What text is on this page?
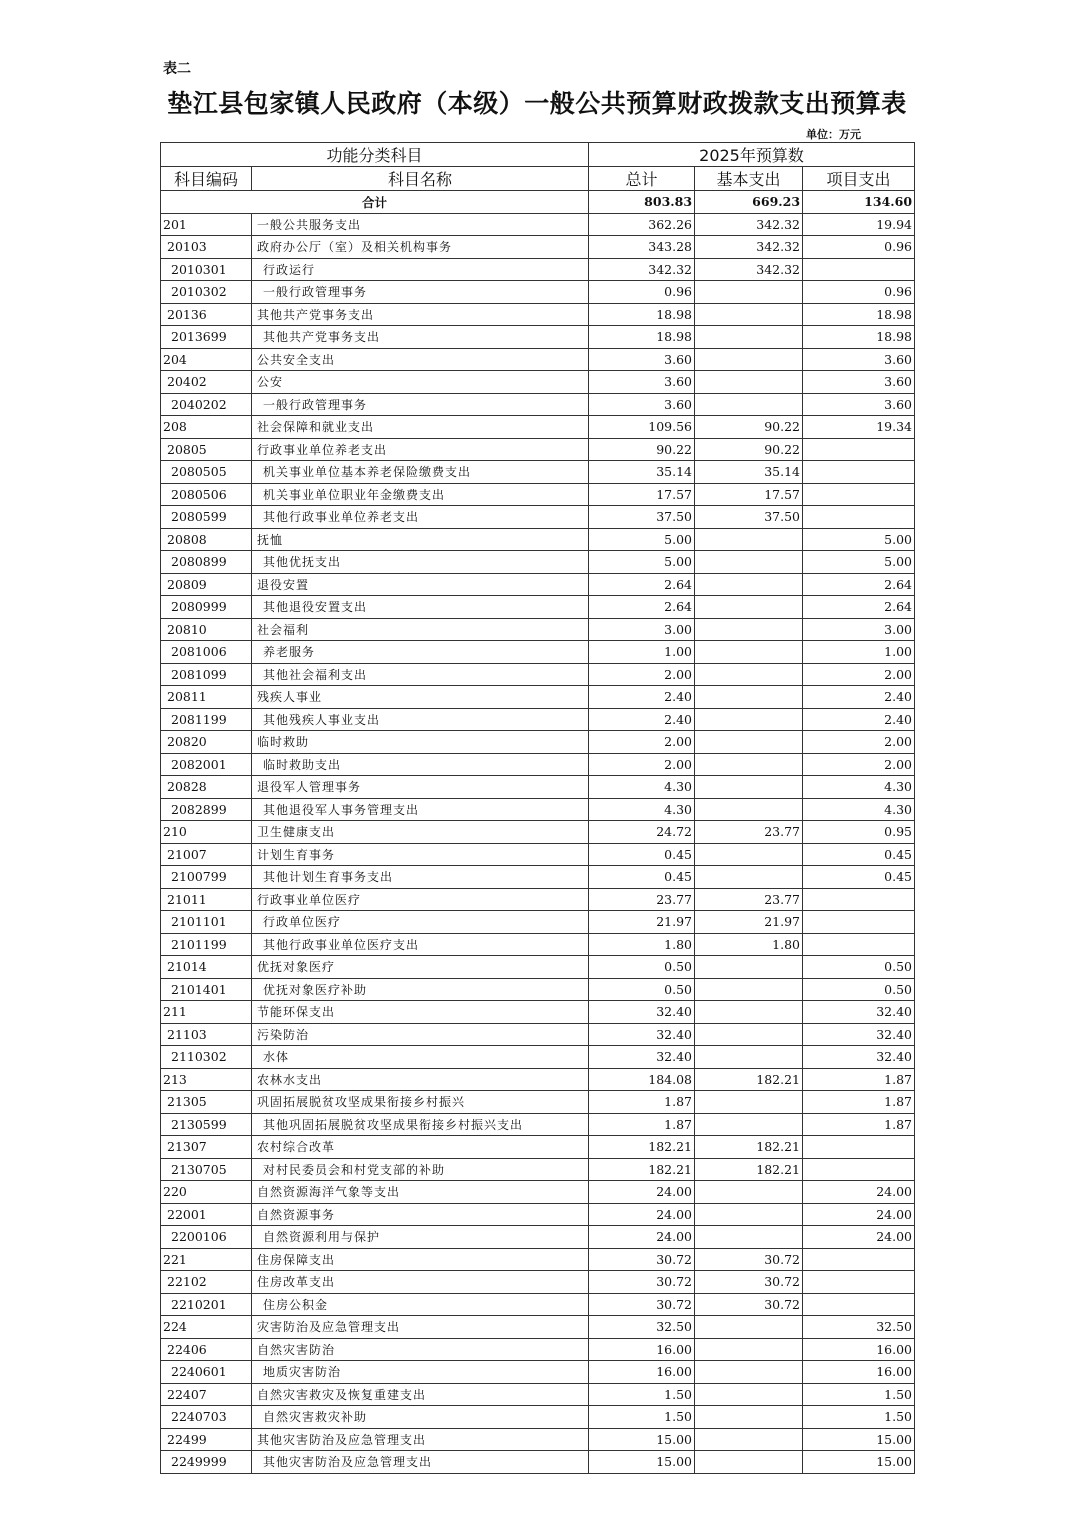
表二
垫江县包家镇人民政府（本级）一般公共预算财政拨款支出预算表
单位：万元
功能分类科目		2025年预算数		
科目编码	科目名称	总计	基本支出	项目支出
合计		803.83	669.23	134.60
201	一般公共服务支出	362.26	342.32	19.94
20103	政府办公厅（室）及相关机构事务	343.28	342.32	0.96
2010301	行政运行	342.32	342.32	
2010302	一般行政管理事务	0.96		0.96
20136	其他共产党事务支出	18.98		18.98
2013699	其他共产党事务支出	18.98		18.98
204	公共安全支出	3.60		3.60
20402	公安	3.60		3.60
2040202	一般行政管理事务	3.60		3.60
208	社会保障和就业支出	109.56	90.22	19.34
20805	行政事业单位养老支出	90.22	90.22	
2080505	机关事业单位基本养老保险缴费支出	35.14	35.14	
2080506	机关事业单位职业年金缴费支出	17.57	17.57	
2080599	其他行政事业单位养老支出	37.50	37.50	
20808	抚恤	5.00		5.00
2080899	其他优抚支出	5.00		5.00
20809	退役安置	2.64		2.64
2080999	其他退役安置支出	2.64		2.64
20810	社会福利	3.00		3.00
2081006	养老服务	1.00		1.00
2081099	其他社会福利支出	2.00		2.00
20811	残疾人事业	2.40		2.40
2081199	其他残疾人事业支出	2.40		2.40
20820	临时救助	2.00		2.00
2082001	临时救助支出	2.00		2.00
20828	退役军人管理事务	4.30		4.30
2082899	其他退役军人事务管理支出	4.30		4.30
210	卫生健康支出	24.72	23.77	0.95
21007	计划生育事务	0.45		0.45
2100799	其他计划生育事务支出	0.45		0.45
21011	行政事业单位医疗	23.77	23.77	
2101101	行政单位医疗	21.97	21.97	
2101199	其他行政事业单位医疗支出	1.80	1.80	
21014	优抚对象医疗	0.50		0.50
2101401	优抚对象医疗补助	0.50		0.50
211	节能环保支出	32.40		32.40
21103	污染防治	32.40		32.40
2110302	水体	32.40		32.40
213	农林水支出	184.08	182.21	1.87
21305	巩固拓展脱贫攻坚成果衔接乡村振兴	1.87		1.87
2130599	其他巩固拓展脱贫攻坚成果衔接乡村振兴支出	1.87		1.87
21307	农村综合改革	182.21	182.21	
2130705	对村民委员会和村党支部的补助	182.21	182.21	
220	自然资源海洋气象等支出	24.00		24.00
22001	自然资源事务	24.00		24.00
2200106	自然资源利用与保护	24.00		24.00
221	住房保障支出	30.72	30.72	
22102	住房改革支出	30.72	30.72	
2210201	住房公积金	30.72	30.72	
224	灾害防治及应急管理支出	32.50		32.50
22406	自然灾害防治	16.00		16.00
2240601	地质灾害防治	16.00		16.00
22407	自然灾害救灾及恢复重建支出	1.50		1.50
2240703	自然灾害救灾补助	1.50		1.50
22499	其他灾害防治及应急管理支出	15.00		15.00
2249999	其他灾害防治及应急管理支出	15.00		15.00
